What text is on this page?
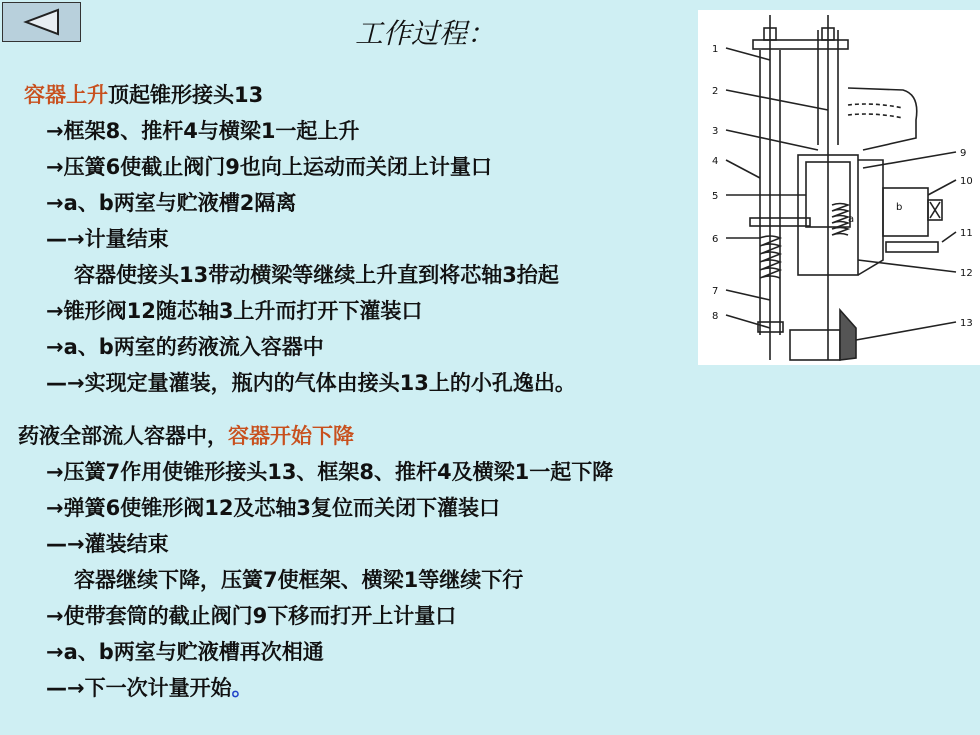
工作过程：	1
2
3
4
5
6
7
8
9
10
11
12
13
a
b
容器上升顶起锥形接头13
→框架8、推杆4与横梁1一起上升
→压簧6使截止阀门9也向上运动而关闭上计量口
→a、b两室与贮液槽2隔离
—→计量结束
容器使接头13带动横梁等继续上升直到将芯轴3抬起
→锥形阀12随芯轴3上升而打开下灌装口
→a、b两室的药液流入容器中
—→实现定量灌装，瓶内的气体由接头13上的小孔逸出。
药液全部流人容器中，容器开始下降
→压簧7作用使锥形接头13、框架8、推杆4及横梁1一起下降
→弹簧6使锥形阀12及芯轴3复位而关闭下灌装口
—→灌装结束
容器继续下降，压簧7使框架、横梁1等继续下行
→使带套筒的截止阀门9下移而打开上计量口
→a、b两室与贮液槽再次相通
—→下一次计量开始。
